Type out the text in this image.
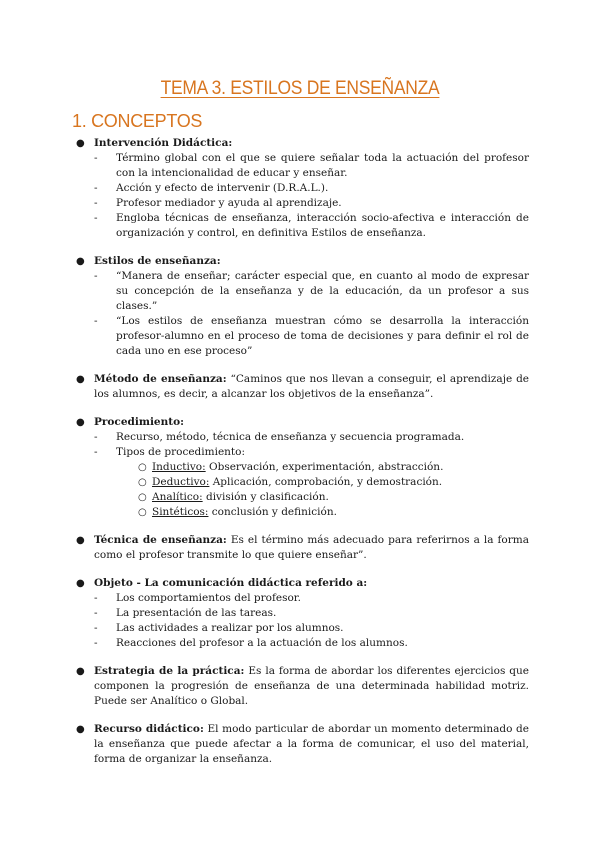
TEMA 3. ESTILOS DE ENSEÑANZA
1. CONCEPTOS
● Intervención Didáctica:
- Término global con el que se quiere señalar toda la actuación del profesor con la intencionalidad de educar y enseñar.
- Acción y efecto de intervenir (D.R.A.L.).
- Profesor mediador y ayuda al aprendizaje.
- Engloba técnicas de enseñanza, interacción socio-afectiva e interacción de organización y control, en definitiva Estilos de enseñanza.
● Estilos de enseñanza:
- “Manera de enseñar; carácter especial que, en cuanto al modo de expresar su concepción de la enseñanza y de la educación, da un profesor a sus clases.”
- “Los estilos de enseñanza muestran cómo se desarrolla la interacción profesor-alumno en el proceso de toma de decisiones y para definir el rol de cada uno en ese proceso”
● Método de enseñanza: “Caminos que nos llevan a conseguir, el aprendizaje de los alumnos, es decir, a alcanzar los objetivos de la enseñanza”.
● Procedimiento:
- Recurso, método, técnica de enseñanza y secuencia programada.
- Tipos de procedimiento:
○ Inductivo: Observación, experimentación, abstracción.
○ Deductivo: Aplicación, comprobación, y demostración.
○ Analítico: división y clasificación.
○ Sintéticos: conclusión y definición.
● Técnica de enseñanza: Es el término más adecuado para referirnos a la forma como el profesor transmite lo que quiere enseñar”.
● Objeto - La comunicación didáctica referido a:
- Los comportamientos del profesor.
- La presentación de las tareas.
- Las actividades a realizar por los alumnos.
- Reacciones del profesor a la actuación de los alumnos.
● Estrategia de la práctica: Es la forma de abordar los diferentes ejercicios que componen la progresión de enseñanza de una determinada habilidad motriz. Puede ser Analítico o Global.
● Recurso didáctico: El modo particular de abordar un momento determinado de la enseñanza que puede afectar a la forma de comunicar, el uso del material, forma de organizar la enseñanza.
